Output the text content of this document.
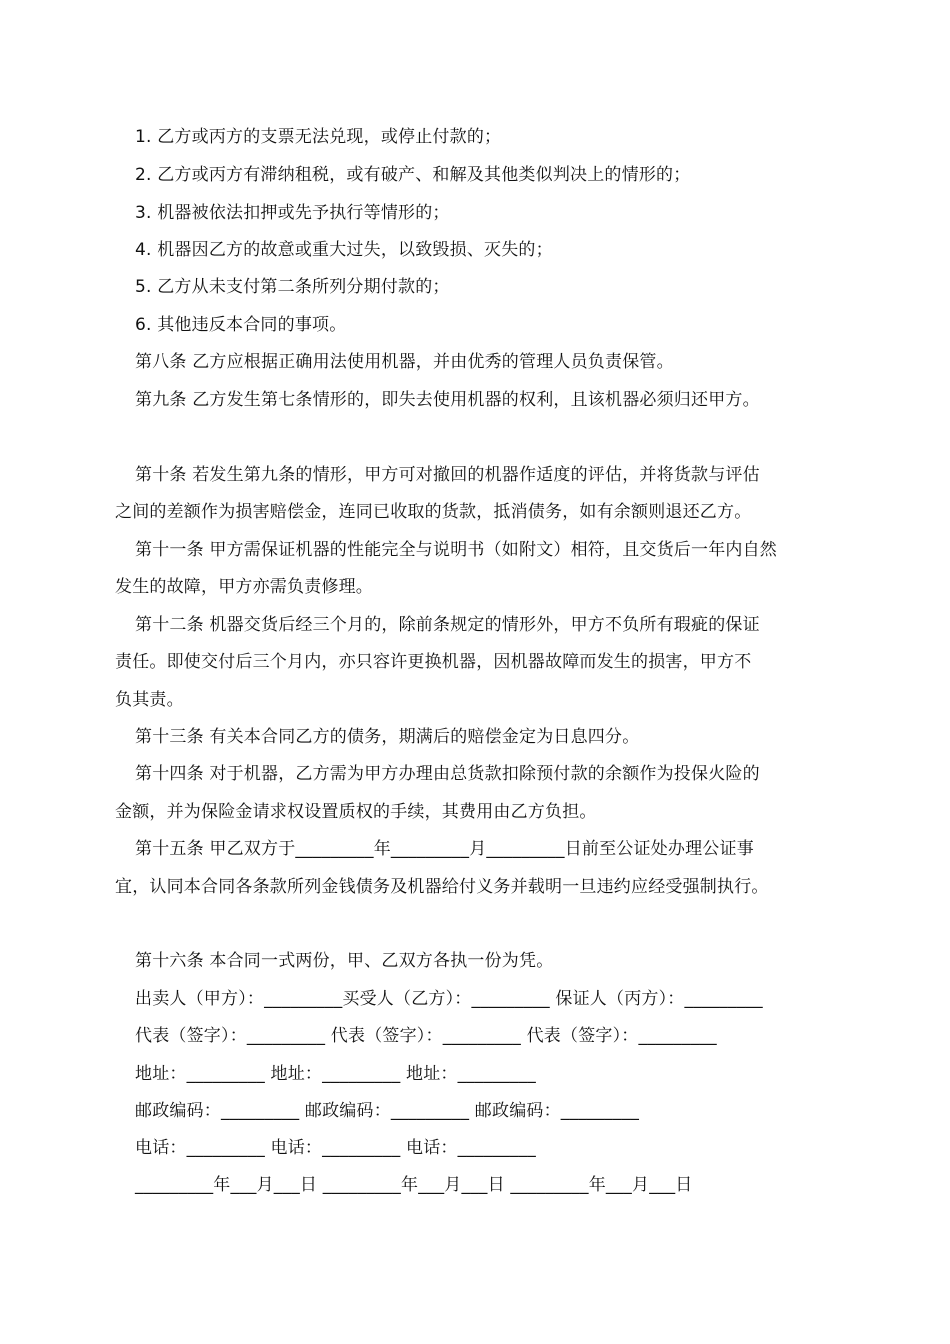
1. 乙方或丙方的支票无法兑现，或停止付款的；
2. 乙方或丙方有滞纳租税，或有破产、和解及其他类似判决上的情形的；
3. 机器被依法扣押或先予执行等情形的；
4. 机器因乙方的故意或重大过失，以致毁损、灭失的；
5. 乙方从未支付第二条所列分期付款的；
6. 其他违反本合同的事项。
第八条 乙方应根据正确用法使用机器，并由优秀的管理人员负责保管。
第九条 乙方发生第七条情形的，即失去使用机器的权利，且该机器必须归还甲方。
第十条 若发生第九条的情形，甲方可对撤回的机器作适度的评估，并将货款与评估
之间的差额作为损害赔偿金，连同已收取的货款，抵消债务，如有余额则退还乙方。
第十一条 甲方需保证机器的性能完全与说明书（如附文）相符，且交货后一年内自然
发生的故障，甲方亦需负责修理。
第十二条 机器交货后经三个月的，除前条规定的情形外，甲方不负所有瑕疵的保证
责任。即使交付后三个月内，亦只容许更换机器，因机器故障而发生的损害，甲方不
负其责。
第十三条 有关本合同乙方的债务，期满后的赔偿金定为日息四分。
第十四条 对于机器，乙方需为甲方办理由总货款扣除预付款的余额作为投保火险的
金额，并为保险金请求权设置质权的手续，其费用由乙方负担。
第十五条 甲乙双方于_________年_________月_________日前至公证处办理公证事
宜，认同本合同各条款所列金钱债务及机器给付义务并载明一旦违约应经受强制执行。
第十六条 本合同一式两份，甲、乙双方各执一份为凭。
出卖人（甲方）：_________买受人（乙方）：_________ 保证人（丙方）：_________
代表（签字）：_________ 代表（签字）：_________ 代表（签字）：_________
地址：_________ 地址：_________ 地址：_________
邮政编码：_________ 邮政编码：_________ 邮政编码：_________
电话：_________ 电话：_________ 电话：_________
_________年___月___日 _________年___月___日 _________年___月___日
